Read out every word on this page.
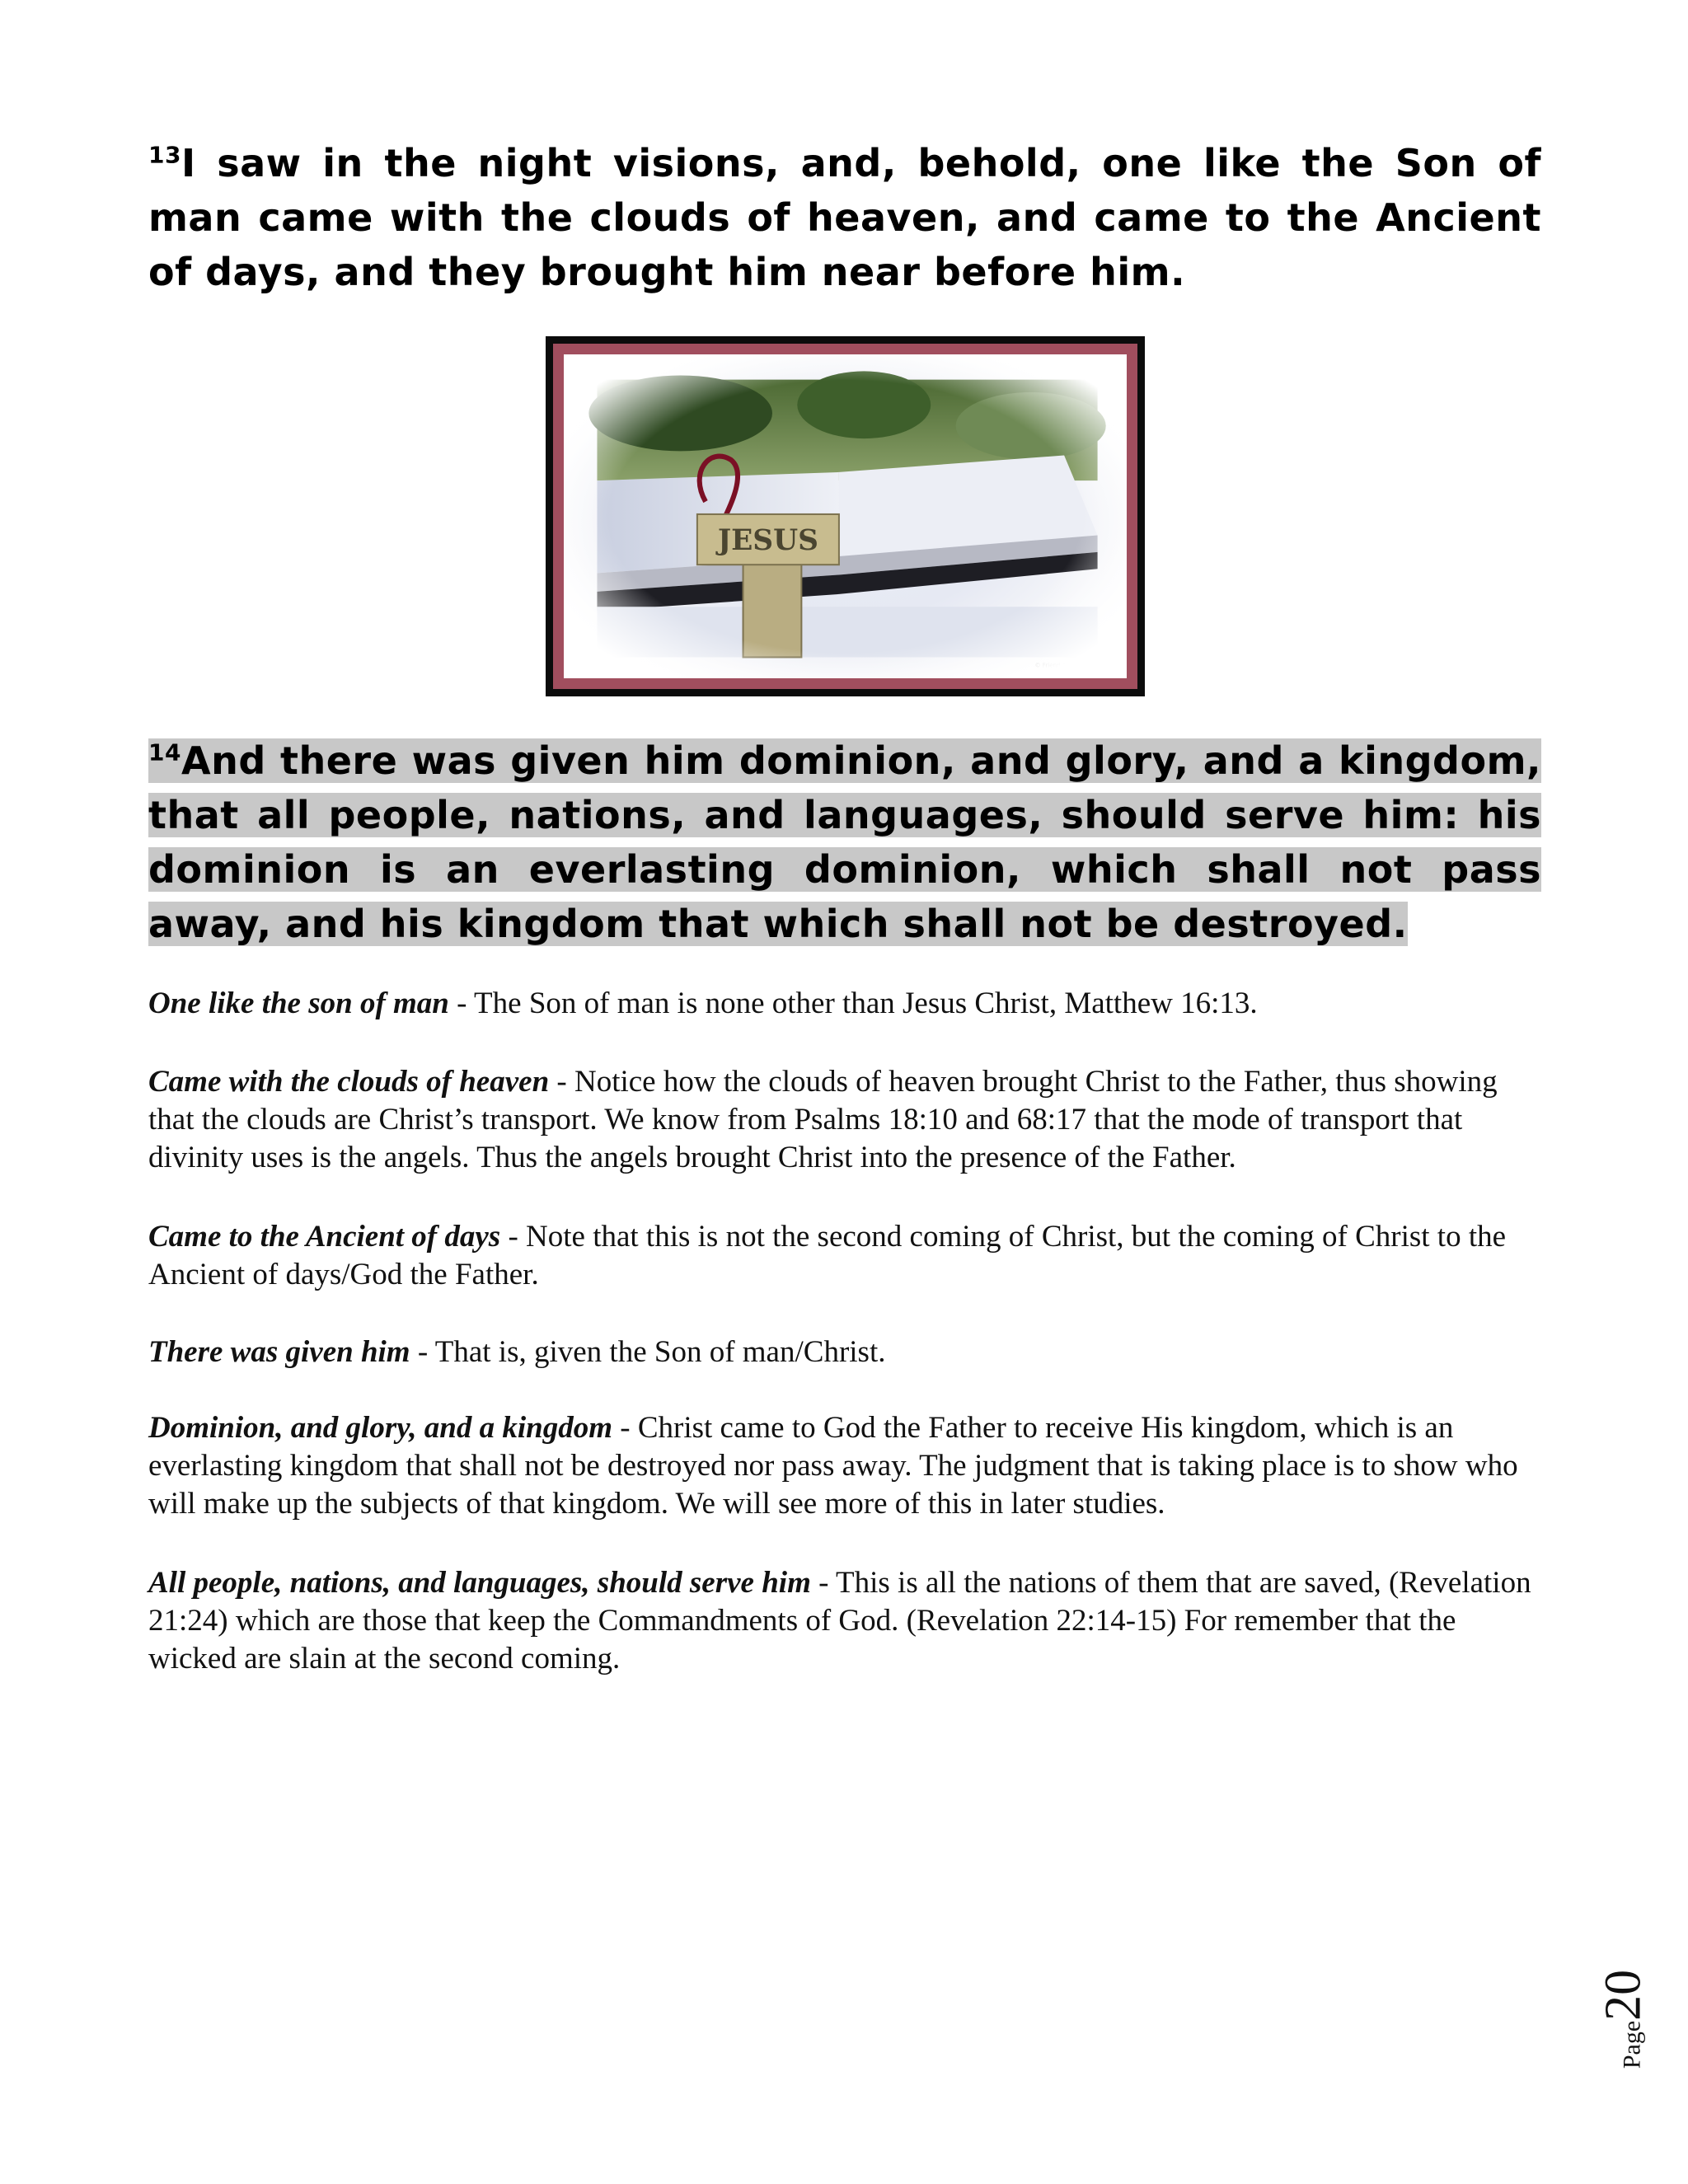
$^{13}$I saw in the night visions, and, behold, one like the Son of man came with the clouds of heaven, and came to the Ancient of days, and they brought him near before him.
$^{14}$And there was given him dominion, and glory, and a kingdom, that all people, nations, and languages, should serve him: his dominion is an everlasting dominion, which shall not pass away, and his kingdom that which shall not be destroyed.
One like the son of man - The Son of man is none other than Jesus Christ, Matthew 16:13.
Came with the clouds of heaven - Notice how the clouds of heaven brought Christ to the Father, thus showing that the clouds are Christ’s transport. We know from Psalms 18:10 and 68:17 that the mode of transport that divinity uses is the angels. Thus the angels brought Christ into the presence of the Father.
Came to the Ancient of days - Note that this is not the second coming of Christ, but the coming of Christ to the Ancient of days/God the Father.
There was given him - That is, given the Son of man/Christ.
Dominion, and glory, and a kingdom - Christ came to God the Father to receive His kingdom, which is an everlasting kingdom that shall not be destroyed nor pass away. The judgment that is taking place is to show who will make up the subjects of that kingdom. We will see more of this in later studies.
All people, nations, and languages, should serve him - This is all the nations of them that are saved, (Revelation 21:24) which are those that keep the Commandments of God. (Revelation 22:14-15) For remember that the wicked are slain at the second coming.
Page20
